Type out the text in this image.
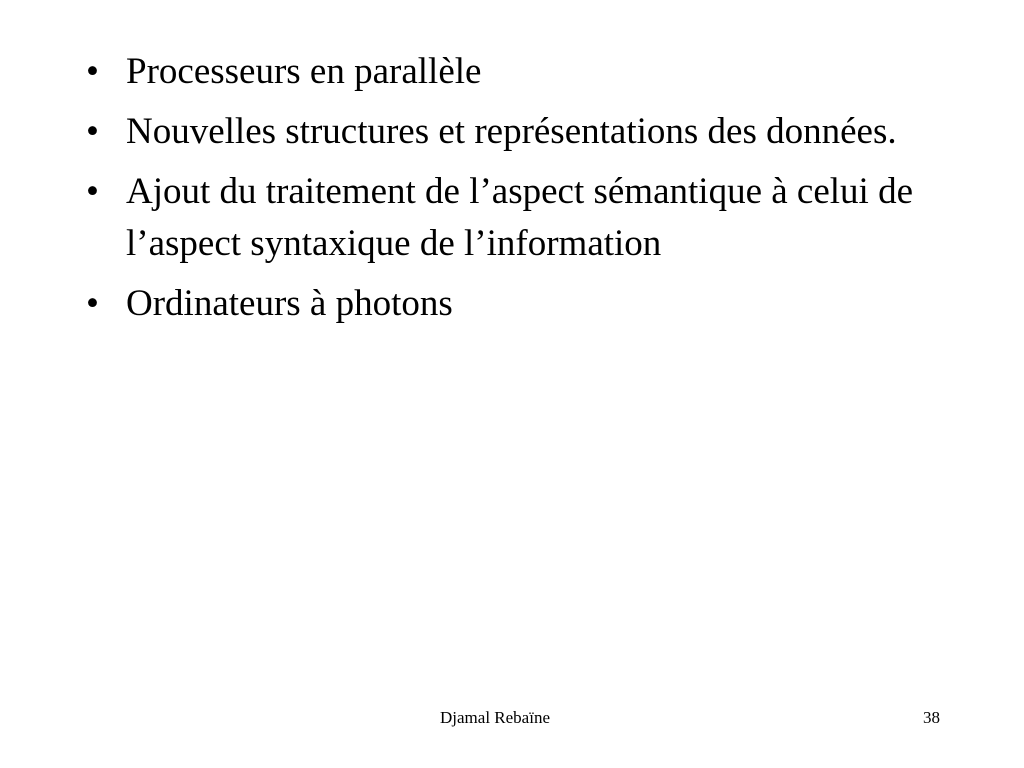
• Processeurs en parallèle
• Nouvelles structures et représentations des données.
• Ajout du traitement de l’aspect sémantique à celui de l’aspect syntaxique de l’information
• Ordinateurs à photons
Djamal Rebaïne	38
